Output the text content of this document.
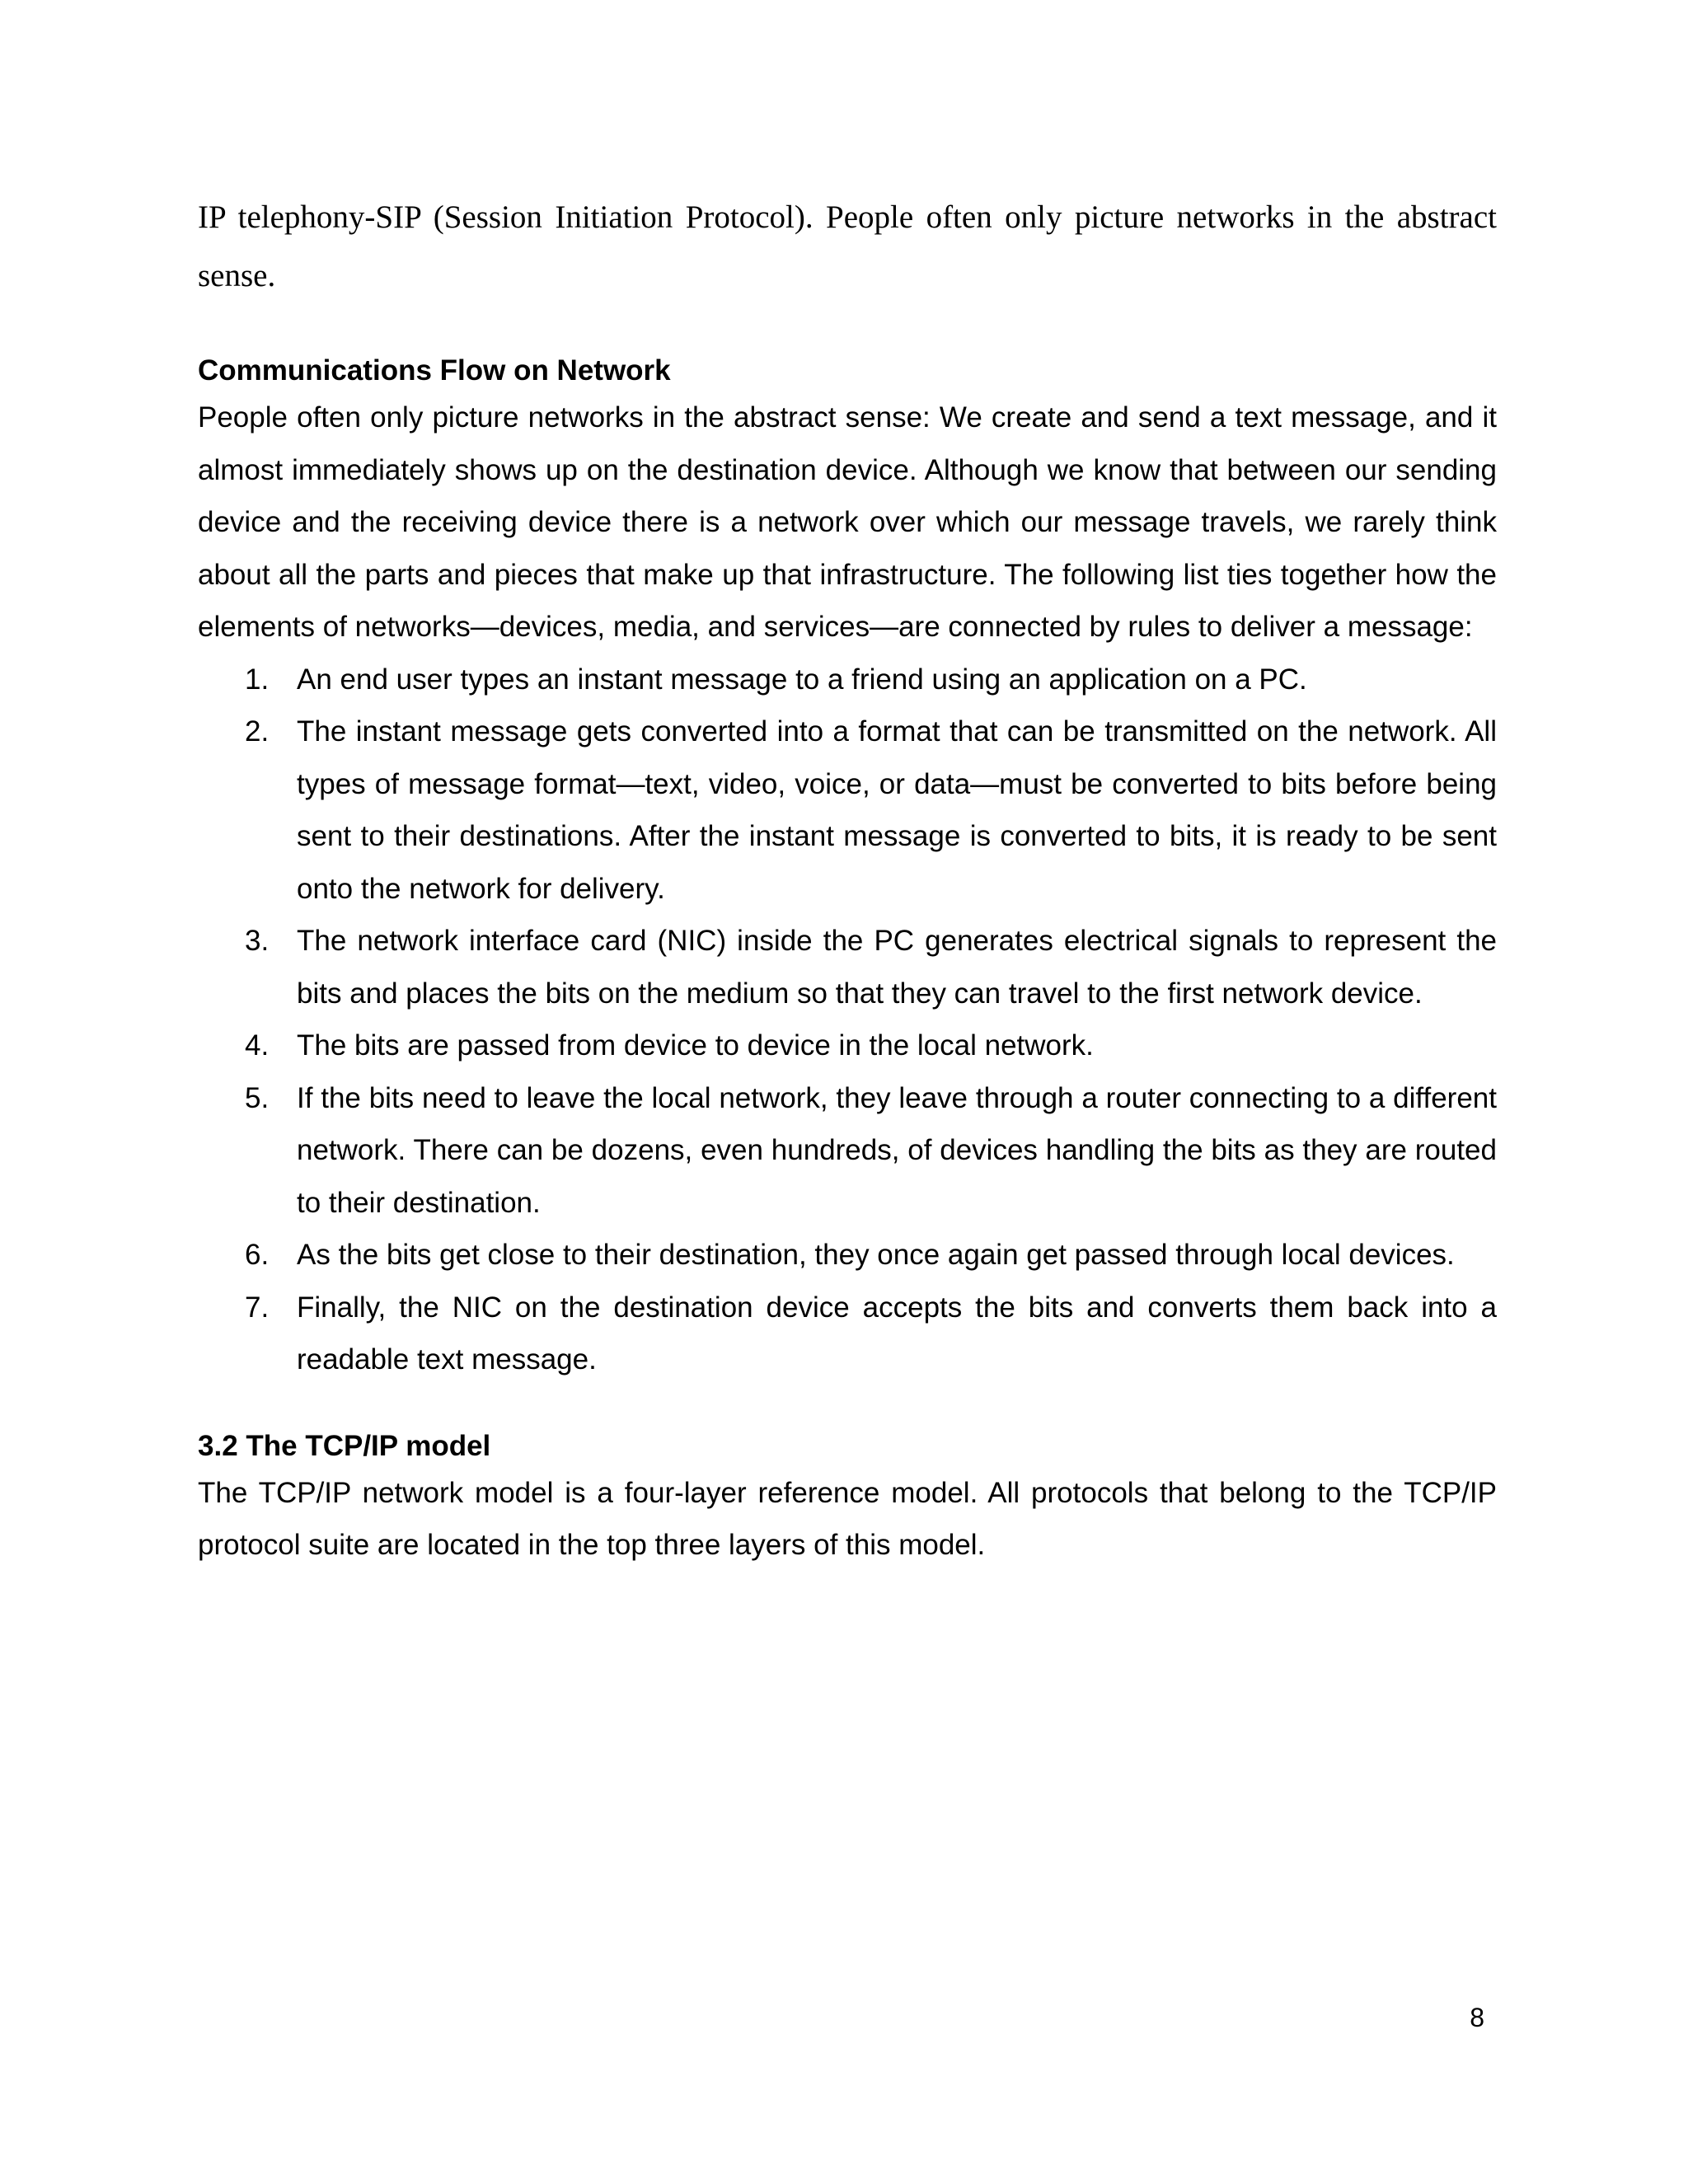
IP telephony-SIP (Session Initiation Protocol). People often only picture networks in the abstract sense.

Communications Flow on Network

People often only picture networks in the abstract sense: We create and send a text message, and it almost immediately shows up on the destination device. Although we know that between our sending device and the receiving device there is a network over which our message travels, we rarely think about all the parts and pieces that make up that infrastructure. The following list ties together how the elements of networks—devices, media, and services—are connected by rules to deliver a message:

1. An end user types an instant message to a friend using an application on a PC.
2. The instant message gets converted into a format that can be transmitted on the network. All types of message format—text, video, voice, or data—must be converted to bits before being sent to their destinations. After the instant message is converted to bits, it is ready to be sent onto the network for delivery.
3. The network interface card (NIC) inside the PC generates electrical signals to represent the bits and places the bits on the medium so that they can travel to the first network device.
4. The bits are passed from device to device in the local network.
5. If the bits need to leave the local network, they leave through a router connecting to a different network. There can be dozens, even hundreds, of devices handling the bits as they are routed to their destination.
6. As the bits get close to their destination, they once again get passed through local devices.
7. Finally, the NIC on the destination device accepts the bits and converts them back into a readable text message.
3.2 The TCP/IP model

The TCP/IP network model is a four-layer reference model. All protocols that belong to the TCP/IP protocol suite are located in the top three layers of this model.

8
